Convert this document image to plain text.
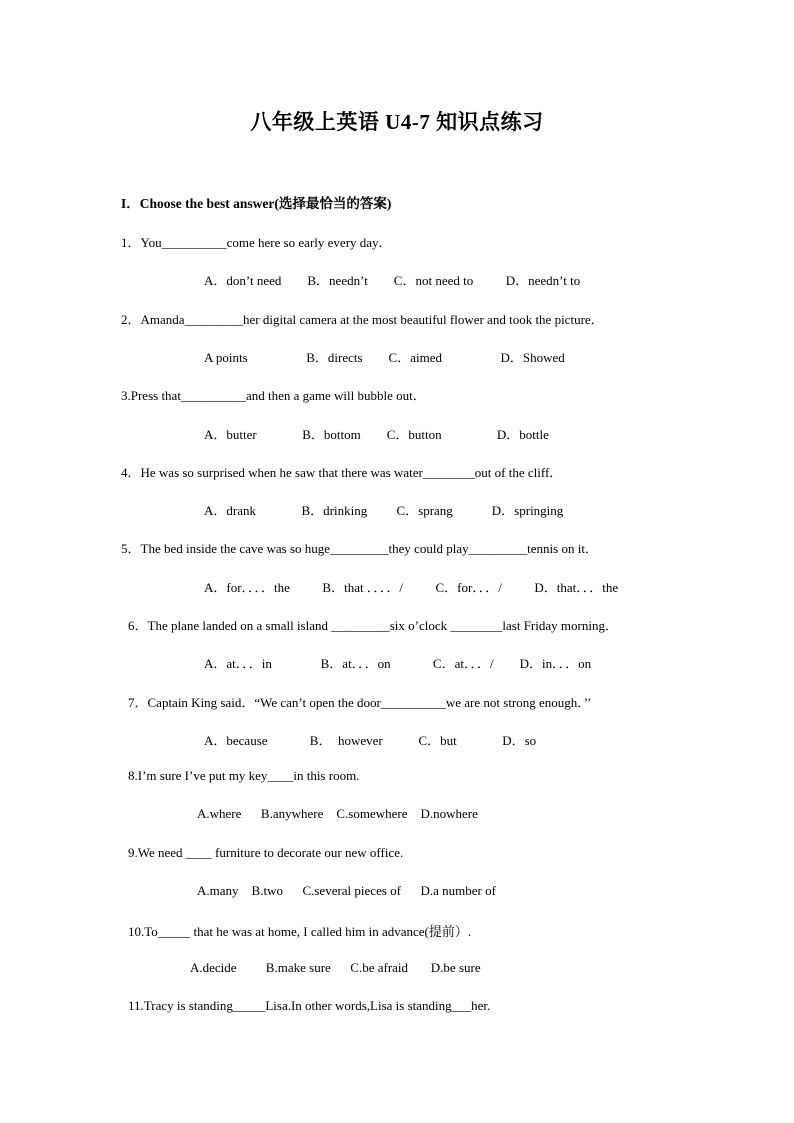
八年级上英语 U4-7 知识点练习
I．Choose the best answer(选择最恰当的答案)
1．You__________come here so early every day．
A．don’t need        B．needn’t        C．not need to          D．needn’t to
2．Amanda_________her digital camera at the most beautiful flower and took the picture．
A points                  B．directs        C．aimed                  D．Showed
3.Press that__________and then a game will bubble out．
A．butter              B．bottom        C．button                 D．bottle
4．He was so surprised when he saw that there was water________out of the cliff．
A．drank              B．drinking         C．sprang            D．springing
5．The bed inside the cave was so huge_________they could play_________tennis on it．
A．for．．．．the          B．that ．．．．/          C．for．．．/          D．that．．．the
6．The plane landed on a small island _________six o’clock ________last Friday morning．
A．at．．．in               B．at．．．on             C．at．．．/        D．in．．．on
7．Captain King said．“We can’t open the door__________we are not strong enough．’’
A．because             B．  however           C．but              D．so
8.I’m sure I’ve put my key____in this room.
A.where      B.anywhere    C.somewhere    D.nowhere
9.We need ____ furniture to decorate our new office.
A.many    B.two      C.several pieces of      D.a number of
10.To_____ that he was at home, I called him in advance(提前）.
A.decide         B.make sure      C.be afraid       D.be sure
11.Tracy is standing_____Lisa.In other words,Lisa is standing___her.
